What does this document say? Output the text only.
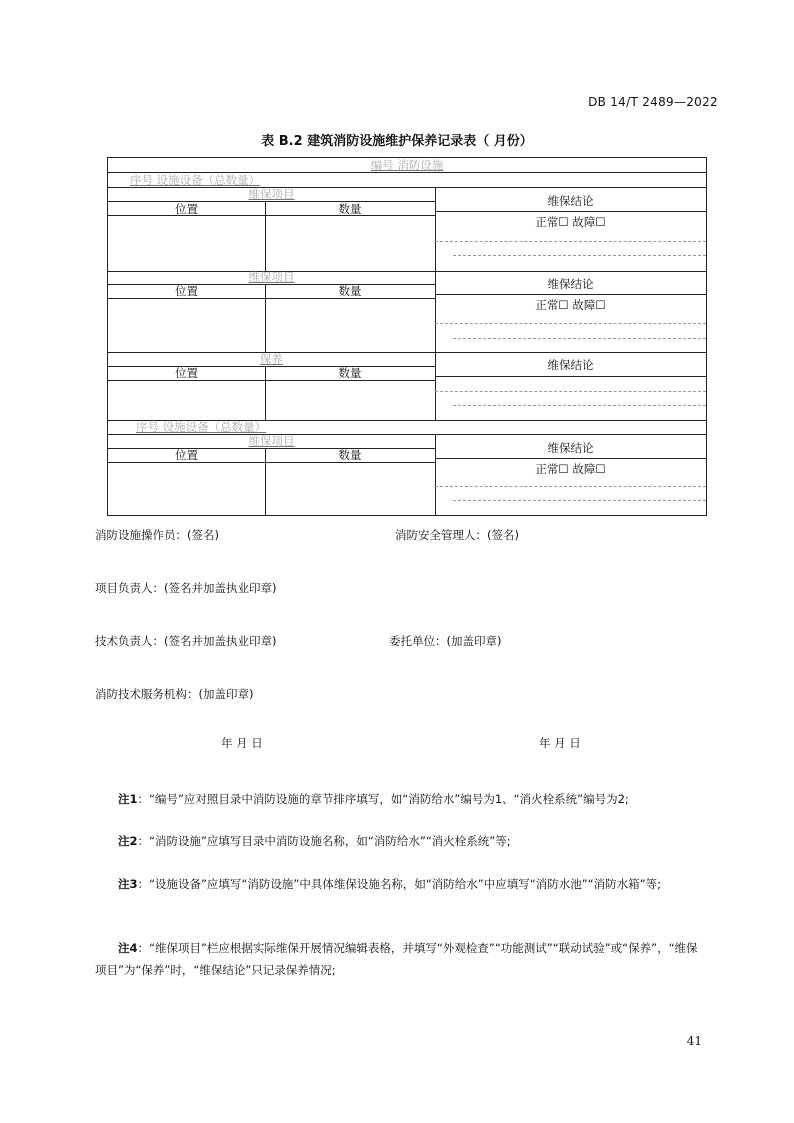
DB 14/T 2489—2022
表 B.2 建筑消防设施维护保养记录表（ 月份）
编号 消防设施
序号 设施设备（总数量）
维保项目
位置	数量
维保结论
正常☐ 故障☐
维保项目
位置	数量	维保结论
正常☐ 故障☐
保养
位置	数量
维保结论
序号 设施设备（总数量）
维保项目
位置	数量	维保结论
正常☐ 故障☐
消防设施操作员：(签名)	消防安全管理人：(签名)
项目负责人：(签名并加盖执业印章)
技术负责人：(签名并加盖执业印章)	委托单位：(加盖印章)
消防技术服务机构：(加盖印章)
年 月 日	年 月 日
注1：“编号”应对照目录中消防设施的章节排序填写，如“消防给水”编号为1、“消火栓系统”编号为2;
注2：“消防设施”应填写目录中消防设施名称，如“消防给水”“消火栓系统”等;
注3：“设施设备”应填写“消防设施”中具体维保设施名称，如“消防给水”中应填写“消防水池”“消防水箱”等;
注4：“维保项目”栏应根据实际维保开展情况编辑表格，并填写“外观检查”“功能测试”“联动试验”或“保养”，“维保项目”为“保养”时，“维保结论”只记录保养情况;
41
